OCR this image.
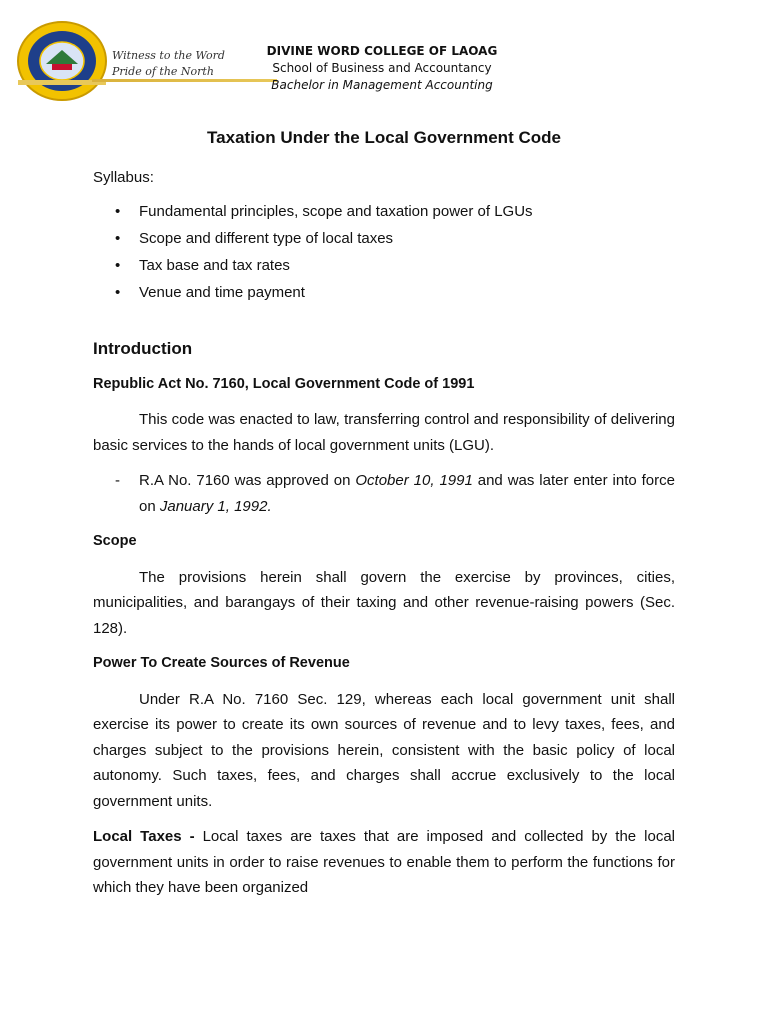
Witness to the Word
Pride of the North
DIVINE WORD COLLEGE OF LAOAG
School of Business and Accountancy
Bachelor in Management Accounting
Taxation Under the Local Government Code

Syllabus:

• Fundamental principles, scope and taxation power of LGUs
• Scope and different type of local taxes
• Tax base and tax rates
• Venue and time payment
Introduction
Republic Act No. 7160, Local Government Code of 1991

This code was enacted to law, transferring control and responsibility of delivering basic services to the hands of local government units (LGU).

- R.A No. 7160 was approved on October 10, 1991 and was later enter into force on January 1, 1992.
Scope

The provisions herein shall govern the exercise by provinces, cities, municipalities, and barangays of their taxing and other revenue-raising powers (Sec. 128).

Power To Create Sources of Revenue

Under R.A No. 7160 Sec. 129, whereas each local government unit shall exercise its power to create its own sources of revenue and to levy taxes, fees, and charges subject to the provisions herein, consistent with the basic policy of local autonomy. Such taxes, fees, and charges shall accrue exclusively to the local government units.

Local Taxes - Local taxes are taxes that are imposed and collected by the local government units in order to raise revenues to enable them to perform the functions for which they have been organized
